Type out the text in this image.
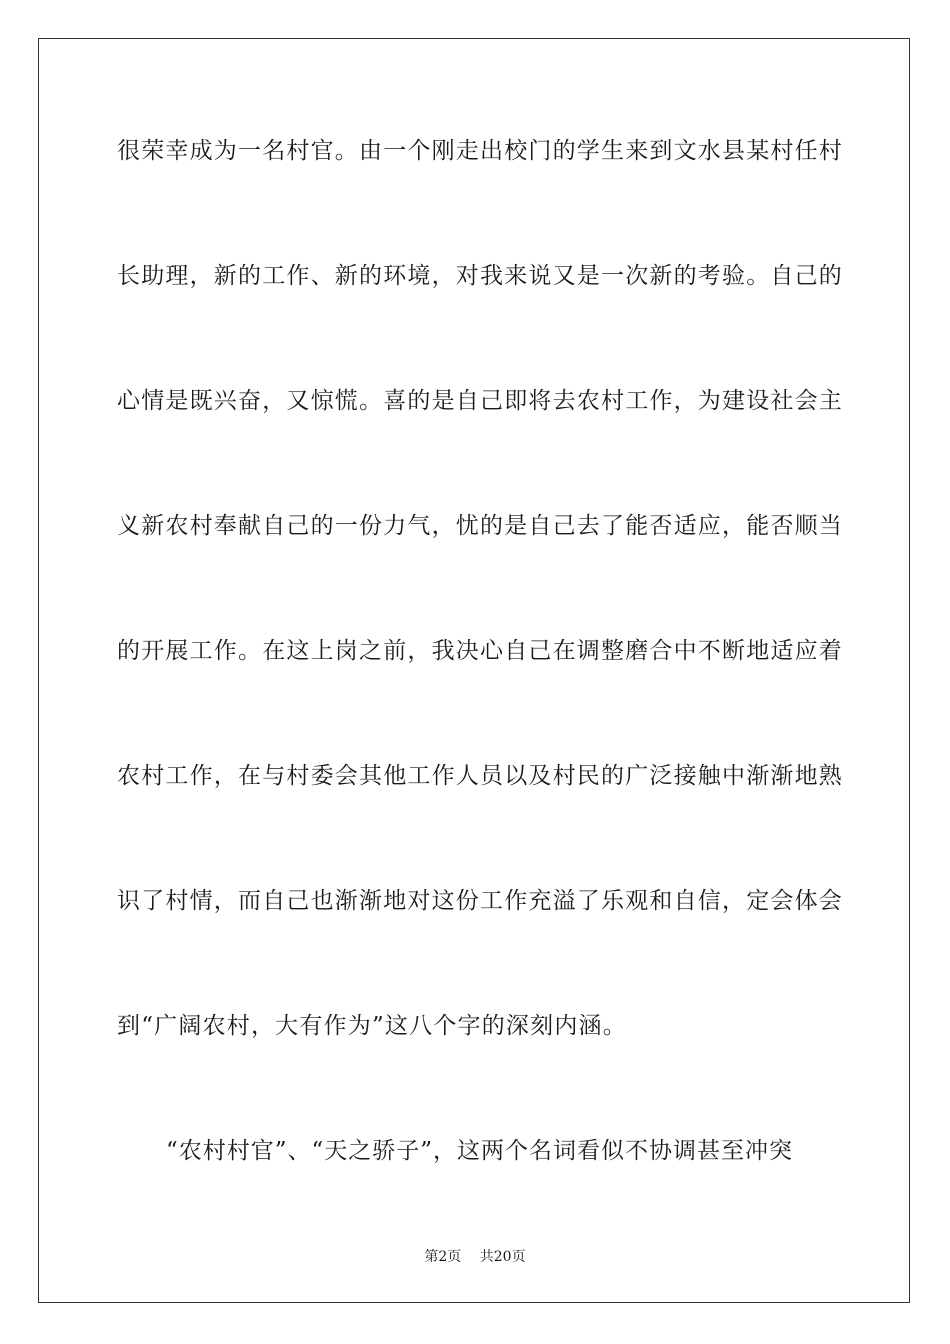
很荣幸成为一名村官。由一个刚走出校门的学生来到文水县某村任村
长助理，新的工作、新的环境，对我来说又是一次新的考验。自己的
心情是既兴奋，又惊慌。喜的是自己即将去农村工作，为建设社会主
义新农村奉献自己的一份力气，忧的是自己去了能否适应，能否顺当
的开展工作。在这上岗之前，我决心自己在调整磨合中不断地适应着
农村工作，在与村委会其他工作人员以及村民的广泛接触中渐渐地熟
识了村情，而自己也渐渐地对这份工作充溢了乐观和自信，定会体会
到“广阔农村，大有作为”这八个字的深刻内涵。
“农村村官”、“天之骄子”，这两个名词看似不协调甚至冲突
第2页 共20页
